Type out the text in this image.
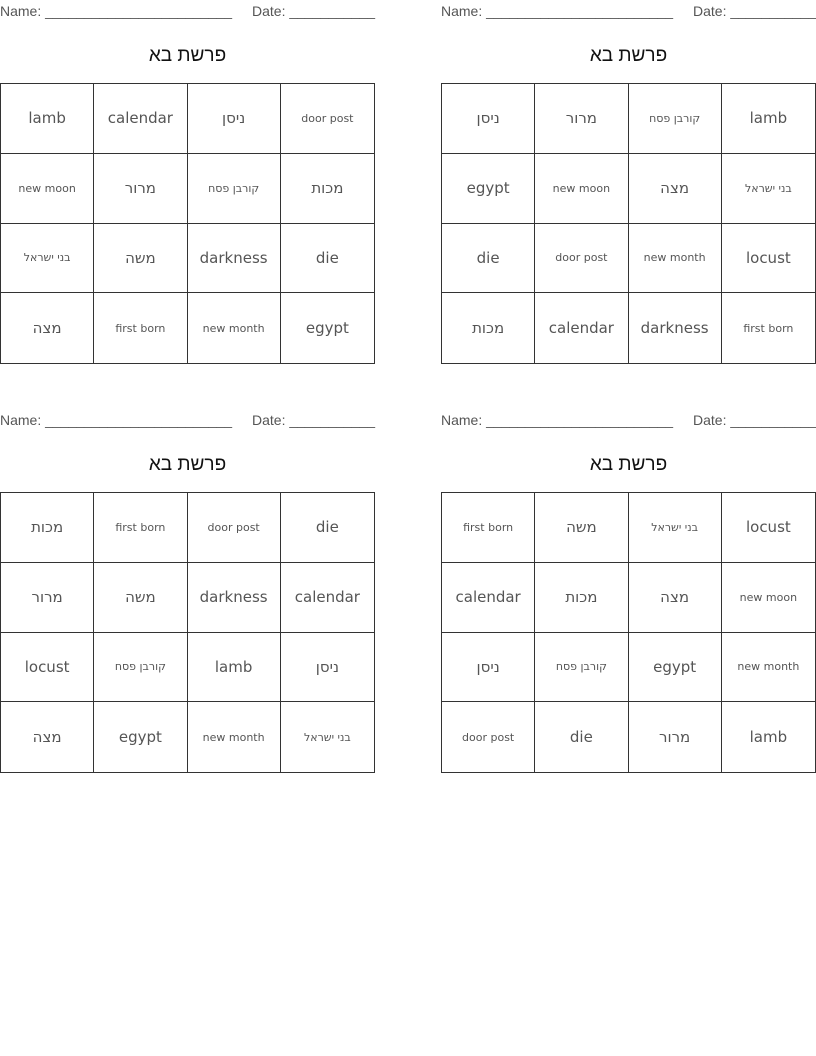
Name: ________________________ Date: ___________
פרשת בא
lamb	calendar	ניסן	door post
new moon	מרור	קורבן פסח	מכות
בני ישראל	משה	darkness	die
מצה	first born	new month	egypt
Name: ________________________ Date: ___________
פרשת בא
ניסן	מרור	קורבן פסח	lamb
egypt	new moon	מצה	בני ישראל
die	door post	new month	locust
מכות	calendar	darkness	first born
Name: ________________________ Date: ___________
פרשת בא
מכות	first born	door post	die
מרור	משה	darkness	calendar
locust	קורבן פסח	lamb	ניסן
מצה	egypt	new month	בני ישראל
Name: ________________________ Date: ___________
פרשת בא
first born	משה	בני ישראל	locust
calendar	מכות	מצה	new moon
ניסן	קורבן פסח	egypt	new month
door post	die	מרור	lamb
